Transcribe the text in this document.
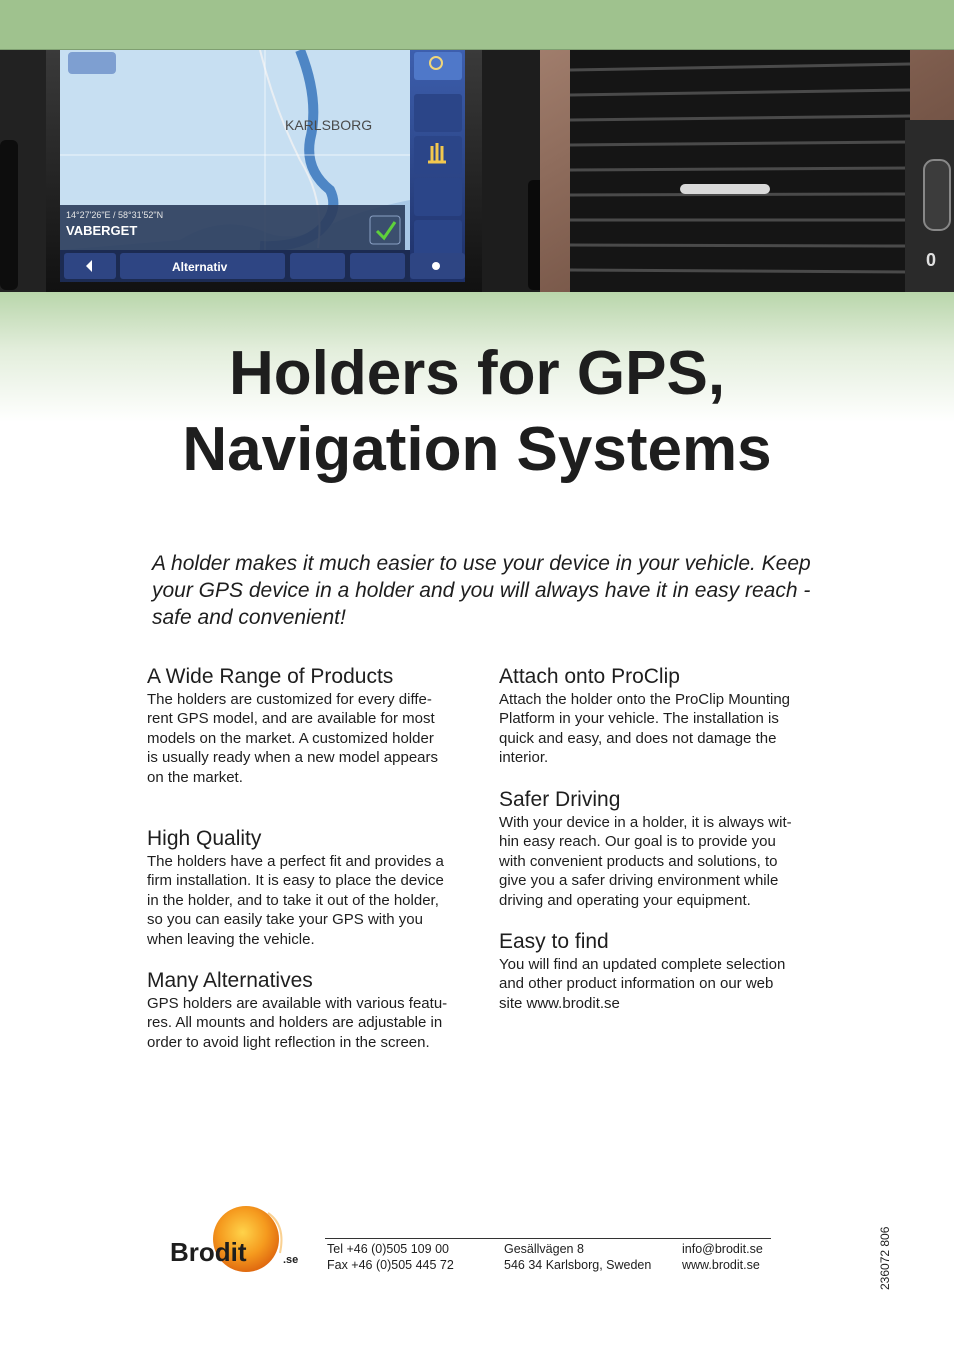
KARLSBORG
14°27'26"E / 58°31'52"N
VABERGET
Alternativ	0
Holders for GPS,
Navigation Systems

A holder makes it much easier to use your device in your vehicle. Keep your GPS device in a holder and you will always have it in easy reach -safe and convenient!

A Wide Range of Products

The holders are customized for every diffe-
rent GPS model, and are available for most
models on the market. A customized holder
is usually ready when a new model appears
on the market.

High Quality

The holders have a perfect fit and provides a
firm installation. It is easy to place the device
in the holder, and to take it out of the holder,
so you can easily take your GPS with you
when leaving the vehicle.

Many Alternatives

GPS holders are available with various featu-
res. All mounts and holders are adjustable in
order to avoid light reflection in the screen.

Attach onto ProClip

Attach the holder onto the ProClip Mounting
Platform in your vehicle. The installation is
quick and easy, and does not damage the
interior.

Safer Driving

With your device in a holder, it is always wit-
hin easy reach. Our goal is to provide you
with convenient products and solutions, to
give you a safer driving environment while
driving and operating your equipment.

Easy to find

You will find an updated complete selection
and other product information on our web
site www.brodit.se

Brodit	.se
Tel +46 (0)505 109 00
Fax +46 (0)505 445 72
Gesällvägen 8
546 34 Karlsborg, Sweden
info@brodit.se
www.brodit.se	236072 806
